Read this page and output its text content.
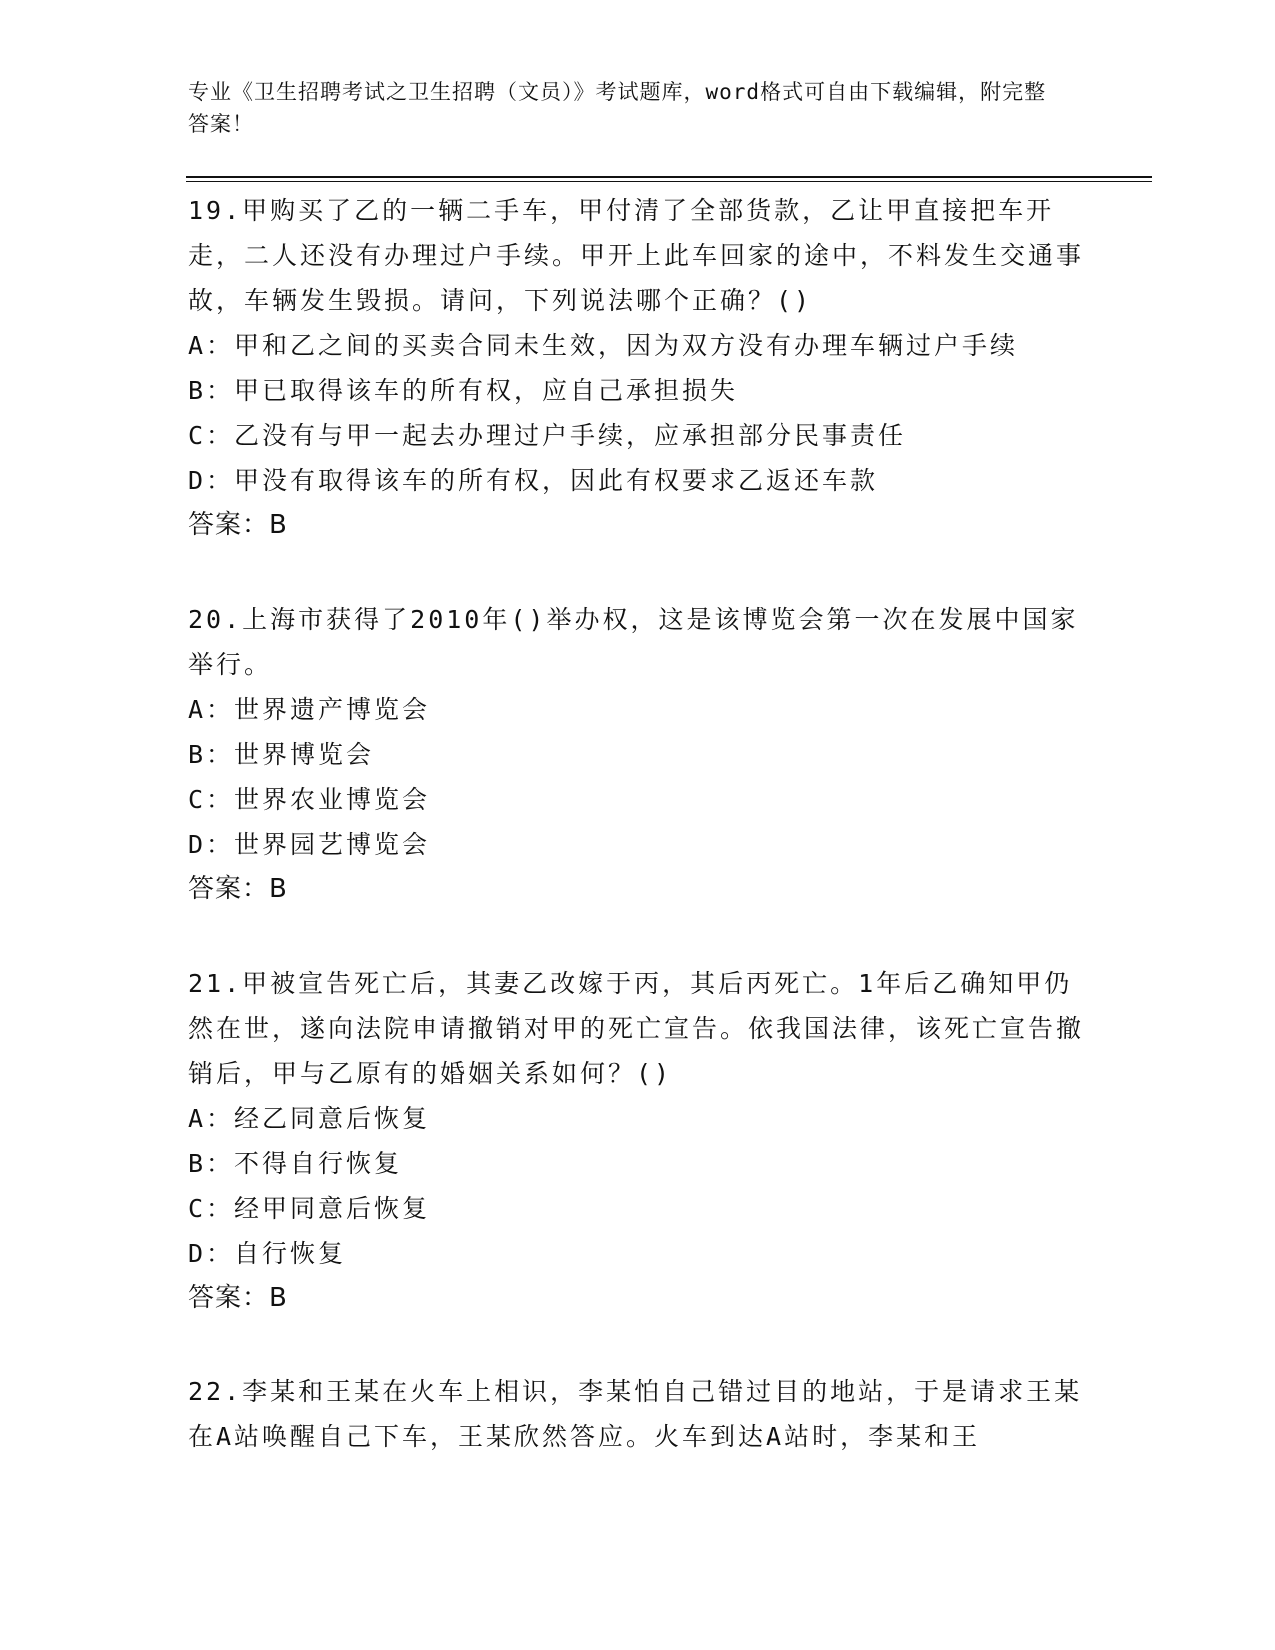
专业《卫生招聘考试之卫生招聘（文员）》考试题库，word格式可自由下载编辑，附完整答案！

19.甲购买了乙的一辆二手车，甲付清了全部货款，乙让甲直接把车开走，二人还没有办理过户手续。甲开上此车回家的途中，不料发生交通事故，车辆发生毁损。请问，下列说法哪个正确？()

A：甲和乙之间的买卖合同未生效，因为双方没有办理车辆过户手续

B：甲已取得该车的所有权，应自己承担损失

C：乙没有与甲一起去办理过户手续，应承担部分民事责任

D：甲没有取得该车的所有权，因此有权要求乙返还车款

答案：B

20.上海市获得了2010年()举办权，这是该博览会第一次在发展中国家举行。

A：世界遗产博览会

B：世界博览会

C：世界农业博览会

D：世界园艺博览会

答案：B

21.甲被宣告死亡后，其妻乙改嫁于丙，其后丙死亡。1年后乙确知甲仍然在世，遂向法院申请撤销对甲的死亡宣告。依我国法律，该死亡宣告撤销后，甲与乙原有的婚姻关系如何？()

A：经乙同意后恢复

B：不得自行恢复

C：经甲同意后恢复

D：自行恢复

答案：B

22.李某和王某在火车上相识，李某怕自己错过目的地站，于是请求王某在A站唤醒自己下车，王某欣然答应。火车到达A站时，李某和王
